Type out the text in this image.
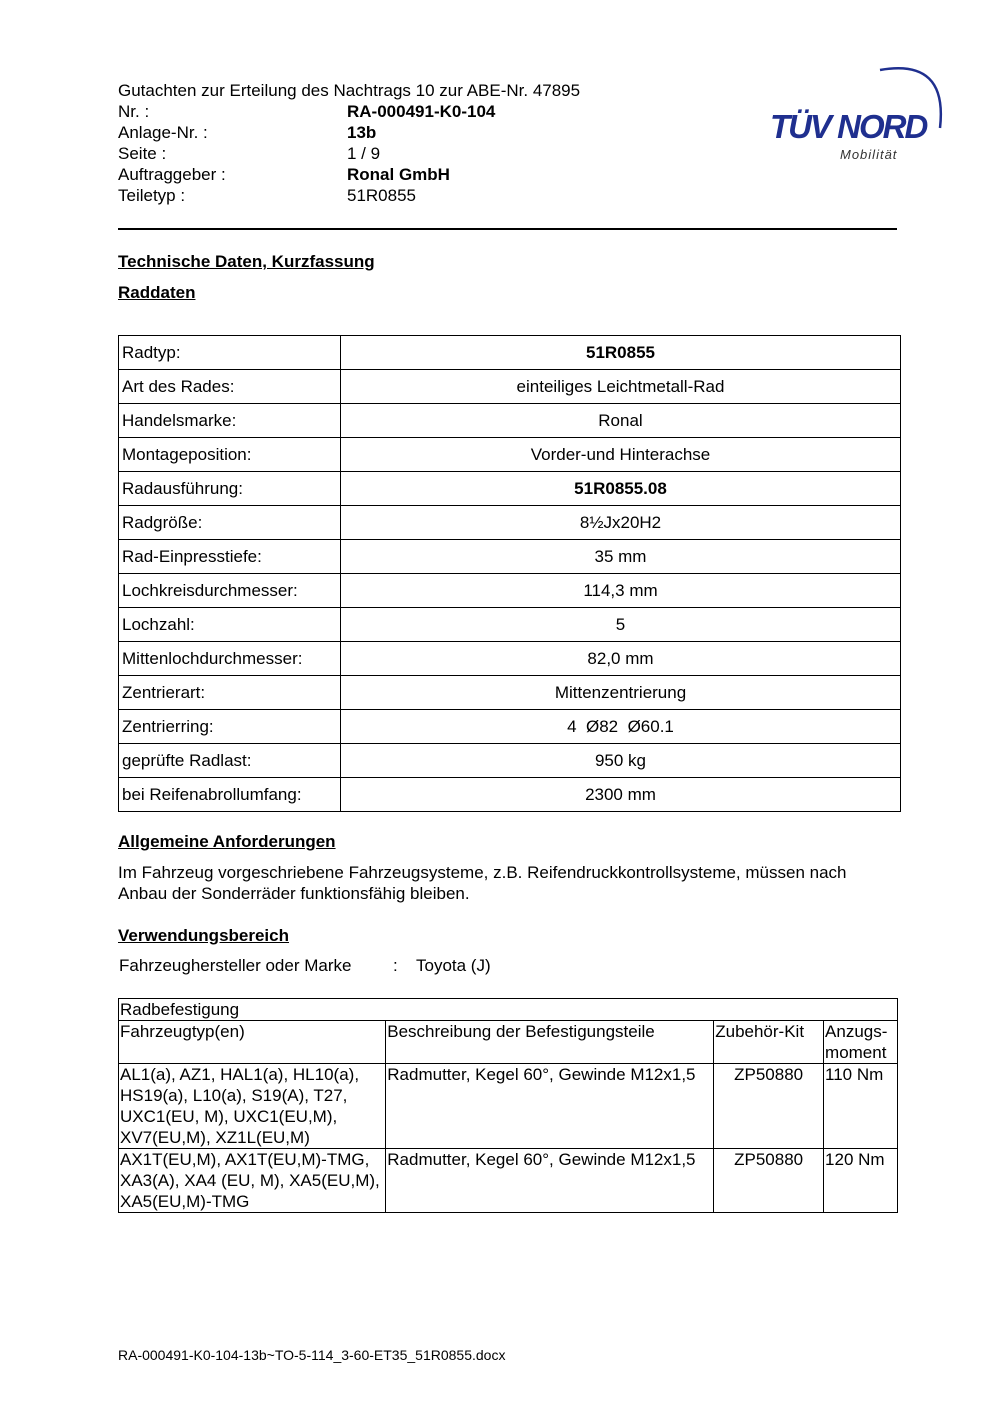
Gutachten zur Erteilung des Nachtrags 10 zur ABE-Nr. 47895
Nr. :	RA-000491-K0-104
Anlage-Nr. :	13b
Seite :	1 / 9
Auftraggeber :	Ronal GmbH
Teiletyp :	51R0855
TÜV NORD
Mobilität
Technische Daten, Kurzfassung
Raddaten
Radtyp:	51R0855
Art des Rades:	einteiliges Leichtmetall-Rad
Handelsmarke:	Ronal
Montageposition:	Vorder-und Hinterachse
Radausführung:	51R0855.08
Radgröße:	8½Jx20H2
Rad-Einpresstiefe:	35 mm
Lochkreisdurchmesser:	114,3 mm
Lochzahl:	5
Mittenlochdurchmesser:	82,0 mm
Zentrierart:	Mittenzentrierung
Zentrierring:	4  Ø82  Ø60.1
geprüfte Radlast:	950 kg
bei Reifenabrollumfang:	2300 mm
Allgemeine Anforderungen
Im Fahrzeug vorgeschriebene Fahrzeugsysteme, z.B. Reifendruckkontrollsysteme, müssen nach Anbau der Sonderräder funktionsfähig bleiben.
Verwendungsbereich
Fahrzeughersteller oder Marke : Toyota (J)
Radbefestigung			
Fahrzeugtyp(en)	Beschreibung der Befestigungsteile	Zubehör-Kit	Anzugs-moment
AL1(a), AZ1, HAL1(a), HL10(a), HS19(a), L10(a), S19(A), T27, UXC1(EU, M), UXC1(EU,M), XV7(EU,M), XZ1L(EU,M)	Radmutter, Kegel 60°, Gewinde M12x1,5	ZP50880	110 Nm
AX1T(EU,M), AX1T(EU,M)-TMG, XA3(A), XA4 (EU, M), XA5(EU,M), XA5(EU,M)-TMG	Radmutter, Kegel 60°, Gewinde M12x1,5	ZP50880	120 Nm
RA-000491-K0-104-13b~TO-5-114_3-60-ET35_51R0855.docx
